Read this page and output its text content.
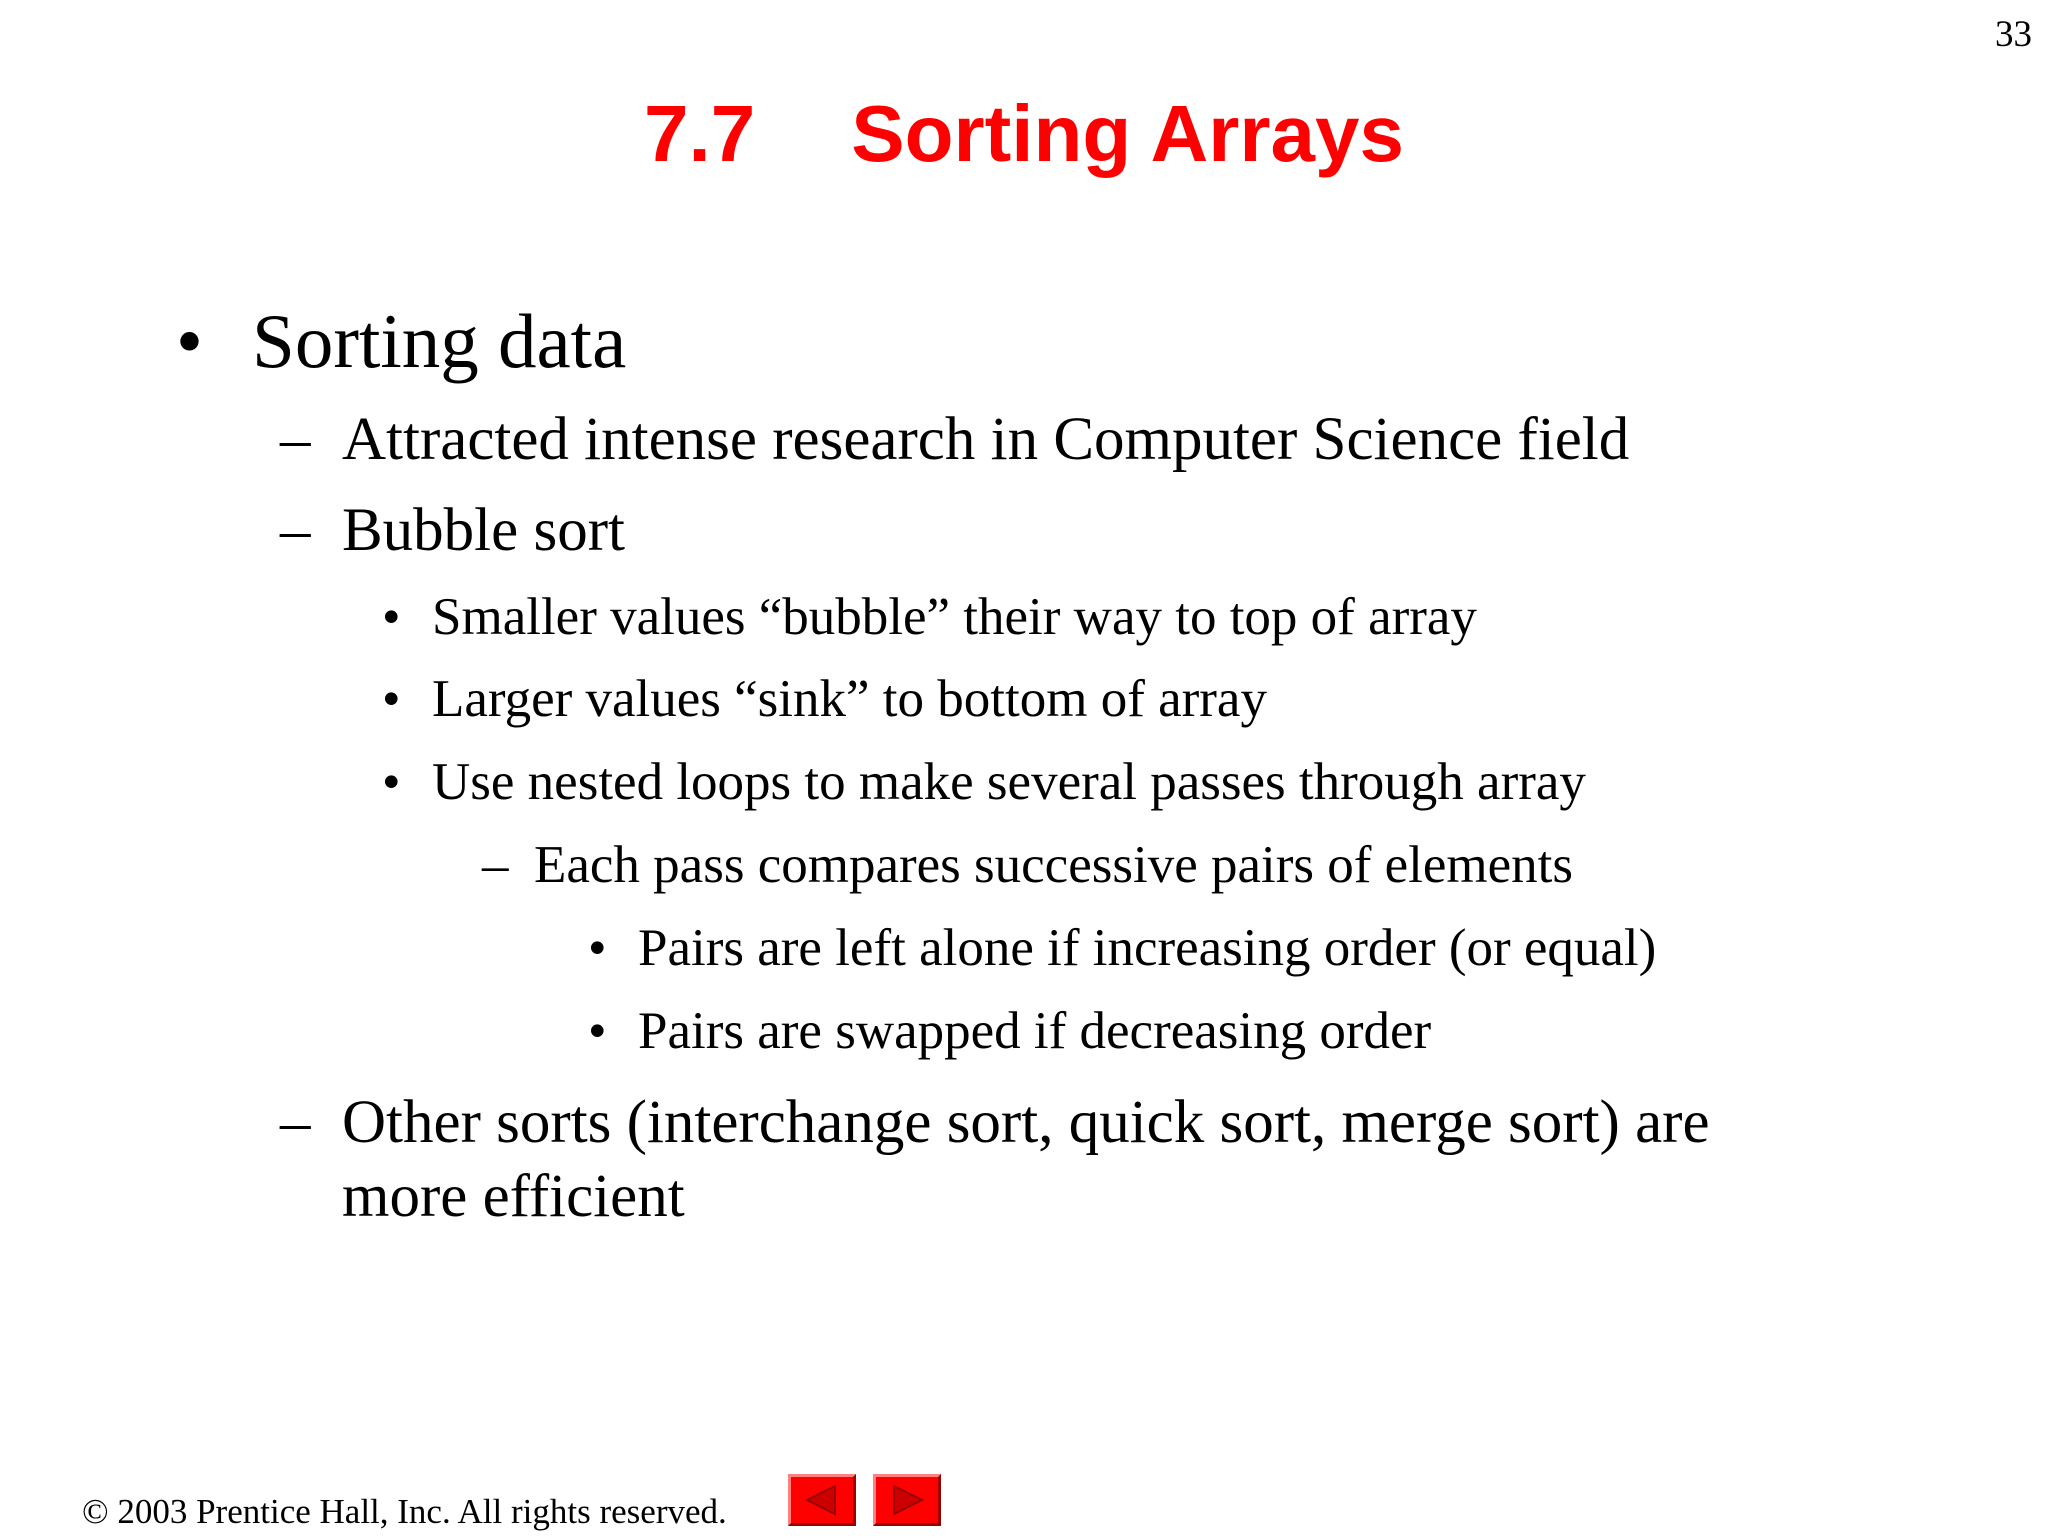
33
7.7 Sorting Arrays
• Sorting data
– Attracted intense research in Computer Science field
– Bubble sort
• Smaller values “bubble” their way to top of array
• Larger values “sink” to bottom of array
• Use nested loops to make several passes through array
– Each pass compares successive pairs of elements
• Pairs are left alone if increasing order (or equal)
• Pairs are swapped if decreasing order
– Other sorts (interchange sort, quick sort, merge sort) are
more efficient
© 2003 Prentice Hall, Inc. All rights reserved.
